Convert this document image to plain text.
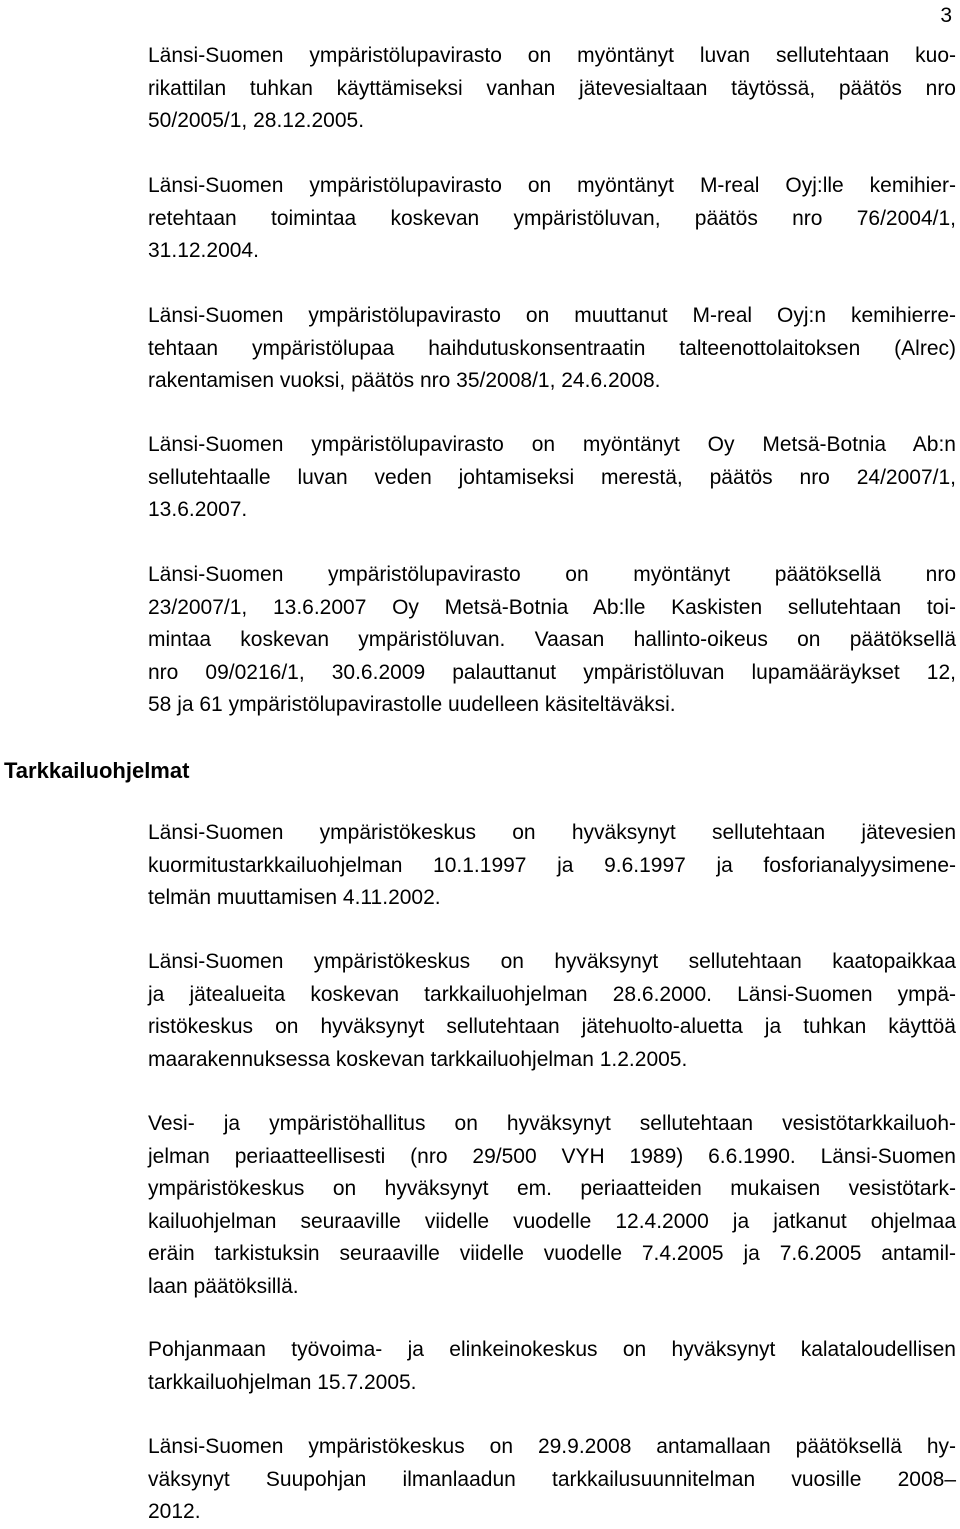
3
Tarkkailuohjelmat

Länsi-Suomen ympäristölupavirasto on myöntänyt luvan sellutehtaan kuo-
rikattilan tuhkan käyttämiseksi vanhan jätevesialtaan täytössä, päätös nro
50/2005/1, 28.12.2005.

Länsi-Suomen ympäristölupavirasto on myöntänyt M-real Oyj:lle kemihier-
retehtaan toimintaa koskevan ympäristöluvan, päätös nro 76/2004/1,
31.12.2004.

Länsi-Suomen ympäristölupavirasto on muuttanut M-real Oyj:n kemihierre-
tehtaan ympäristölupaa haihdutuskonsentraatin talteenottolaitoksen (Alrec)
rakentamisen vuoksi, päätös nro 35/2008/1, 24.6.2008.

Länsi-Suomen ympäristölupavirasto on myöntänyt Oy Metsä-Botnia Ab:n
sellutehtaalle luvan veden johtamiseksi merestä, päätös nro 24/2007/1,
13.6.2007.

Länsi-Suomen ympäristölupavirasto on myöntänyt päätöksellä nro
23/2007/1, 13.6.2007 Oy Metsä-Botnia Ab:lle Kaskisten sellutehtaan toi-
mintaa koskevan ympäristöluvan. Vaasan hallinto-oikeus on päätöksellä
nro 09/0216/1, 30.6.2009 palauttanut ympäristöluvan lupamääräykset 12,
58 ja 61 ympäristölupavirastolle uudelleen käsiteltäväksi.

Länsi-Suomen ympäristökeskus on hyväksynyt sellutehtaan jätevesien
kuormitustarkkailuohjelman 10.1.1997 ja 9.6.1997 ja fosforianalyysimene-
telmän muuttamisen 4.11.2002.

Länsi-Suomen ympäristökeskus on hyväksynyt sellutehtaan kaatopaikkaa
ja jätealueita koskevan tarkkailuohjelman 28.6.2000. Länsi-Suomen ympä-
ristökeskus on hyväksynyt sellutehtaan jätehuolto-aluetta ja tuhkan käyttöä
maarakennuksessa koskevan tarkkailuohjelman 1.2.2005.

Vesi- ja ympäristöhallitus on hyväksynyt sellutehtaan vesistötarkkailuoh-
jelman periaatteellisesti (nro 29/500 VYH 1989) 6.6.1990. Länsi-Suomen
ympäristökeskus on hyväksynyt em. periaatteiden mukaisen vesistötark-
kailuohjelman seuraaville viidelle vuodelle 12.4.2000 ja jatkanut ohjelmaa
eräin tarkistuksin seuraaville viidelle vuodelle 7.4.2005 ja 7.6.2005 antamil-
laan päätöksillä.

Pohjanmaan työvoima- ja elinkeinokeskus on hyväksynyt kalataloudellisen
tarkkailuohjelman 15.7.2005.

Länsi-Suomen ympäristökeskus on 29.9.2008 antamallaan päätöksellä hy-
väksynyt Suupohjan ilmanlaadun tarkkailusuunnitelman vuosille 2008–
2012.
